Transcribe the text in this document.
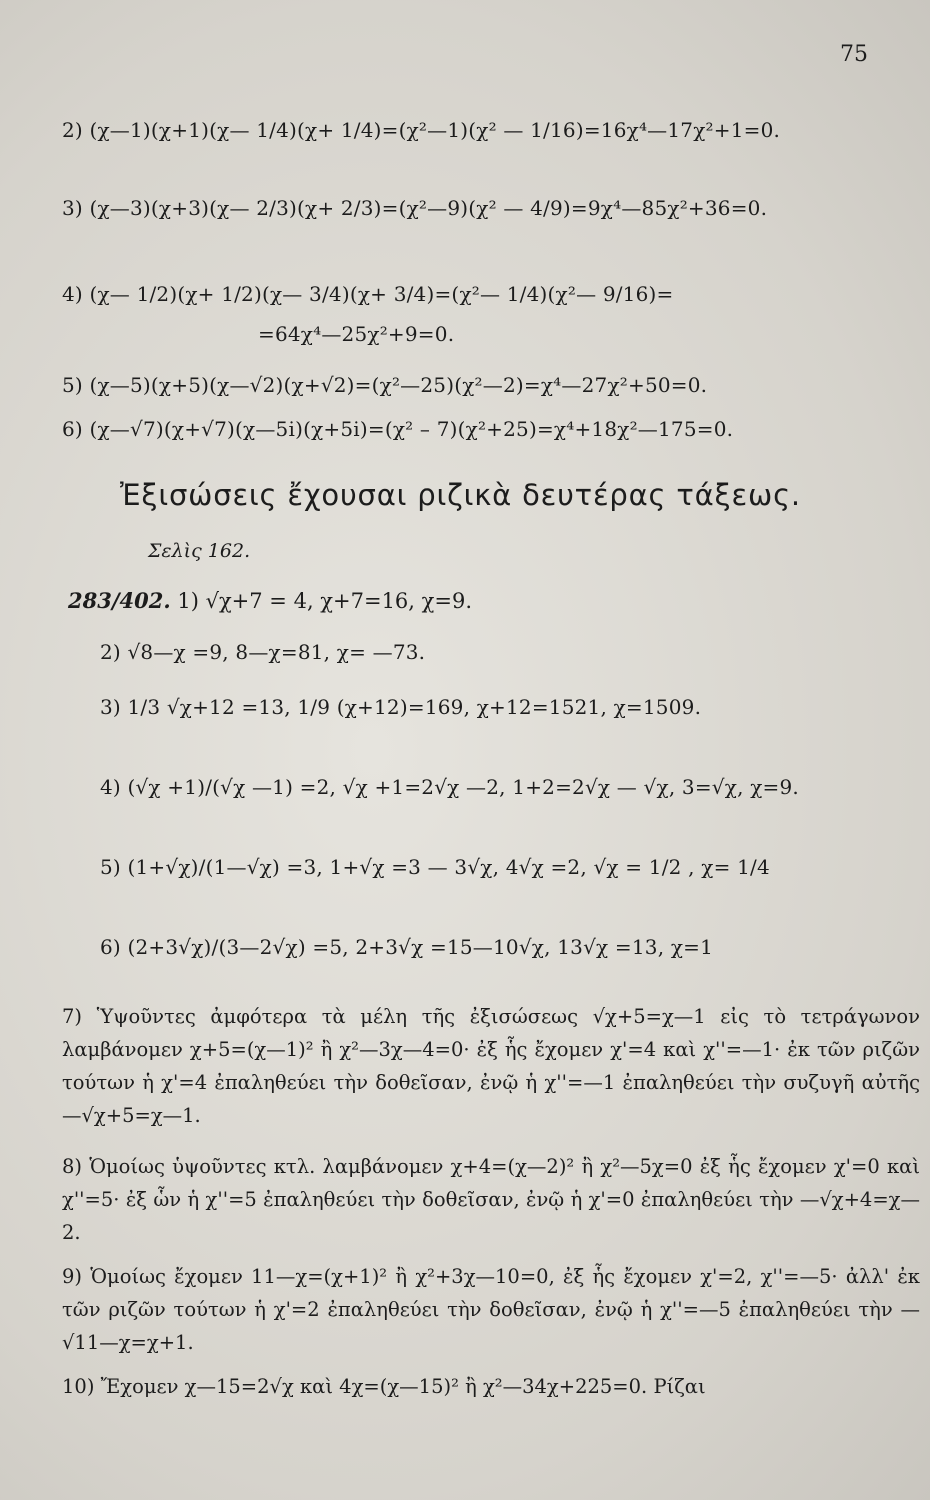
75
2) (χ—1)(χ+1)(χ— 1/4)(χ+ 1/4)=(χ²—1)(χ² — 1/16)=16χ⁴—17χ²+1=0.
3) (χ—3)(χ+3)(χ— 2/3)(χ+ 2/3)=(χ²—9)(χ² — 4/9)=9χ⁴—85χ²+36=0.
4) (χ— 1/2)(χ+ 1/2)(χ— 3/4)(χ+ 3/4)=(χ²— 1/4)(χ²— 9/16)=
=64χ⁴—25χ²+9=0.
5) (χ—5)(χ+5)(χ—√2)(χ+√2)=(χ²—25)(χ²—2)=χ⁴—27χ²+50=0.
6) (χ—√7)(χ+√7)(χ—5i)(χ+5i)=(χ² – 7)(χ²+25)=χ⁴+18χ²—175=0.
Ἐξισώσεις ἔχουσαι ριζικὰ δευτέρας τάξεως.
Σελὶς 162.
283/402. 1) √χ+7 = 4, χ+7=16, χ=9.
2) √8—χ =9, 8—χ=81, χ= —73.
3) 1/3 √χ+12 =13, 1/9 (χ+12)=169, χ+12=1521, χ=1509.
4) (√χ +1)/(√χ —1) =2, √χ +1=2√χ —2, 1+2=2√χ — √χ, 3=√χ, χ=9.
5) (1+√χ)/(1—√χ) =3, 1+√χ =3 — 3√χ, 4√χ =2, √χ = 1/2 , χ= 1/4
6) (2+3√χ)/(3—2√χ) =5, 2+3√χ =15—10√χ, 13√χ =13, χ=1
7) Ὑψοῦντες ἀμφότερα τὰ μέλη τῆς ἐξισώσεως √χ+5=χ—1 εἰς τὸ τετράγωνον λαμβάνομεν χ+5=(χ—1)² ἢ χ²—3χ—4=0· ἐξ ἧς ἔχομεν χ'=4 καὶ χ''=—1· ἐκ τῶν ριζῶν τούτων ἡ χ'=4 ἐπαληθεύει τὴν δοθεῖσαν, ἐνῷ ἡ χ''=—1 ἐπαληθεύει τὴν συζυγῆ αὐτῆς —√χ+5=χ—1.
8) Ὁμοίως ὑψοῦντες κτλ. λαμβάνομεν χ+4=(χ—2)² ἢ χ²—5χ=0 ἐξ ἧς ἔχομεν χ'=0 καὶ χ''=5· ἐξ ὧν ἡ χ''=5 ἐπαληθεύει τὴν δοθεῖσαν, ἐνῷ ἡ χ'=0 ἐπαληθεύει τὴν —√χ+4=χ—2.
9) Ὁμοίως ἔχομεν 11—χ=(χ+1)² ἢ χ²+3χ—10=0, ἐξ ἧς ἔχομεν χ'=2, χ''=—5· ἀλλ' ἐκ τῶν ριζῶν τούτων ἡ χ'=2 ἐπαληθεύει τὴν δοθεῖσαν, ἐνῷ ἡ χ''=—5 ἐπαληθεύει τὴν —√11—χ=χ+1.
10) Ἔχομεν χ—15=2√χ καὶ 4χ=(χ—15)² ἢ χ²—34χ+225=0. Ρίζαι
